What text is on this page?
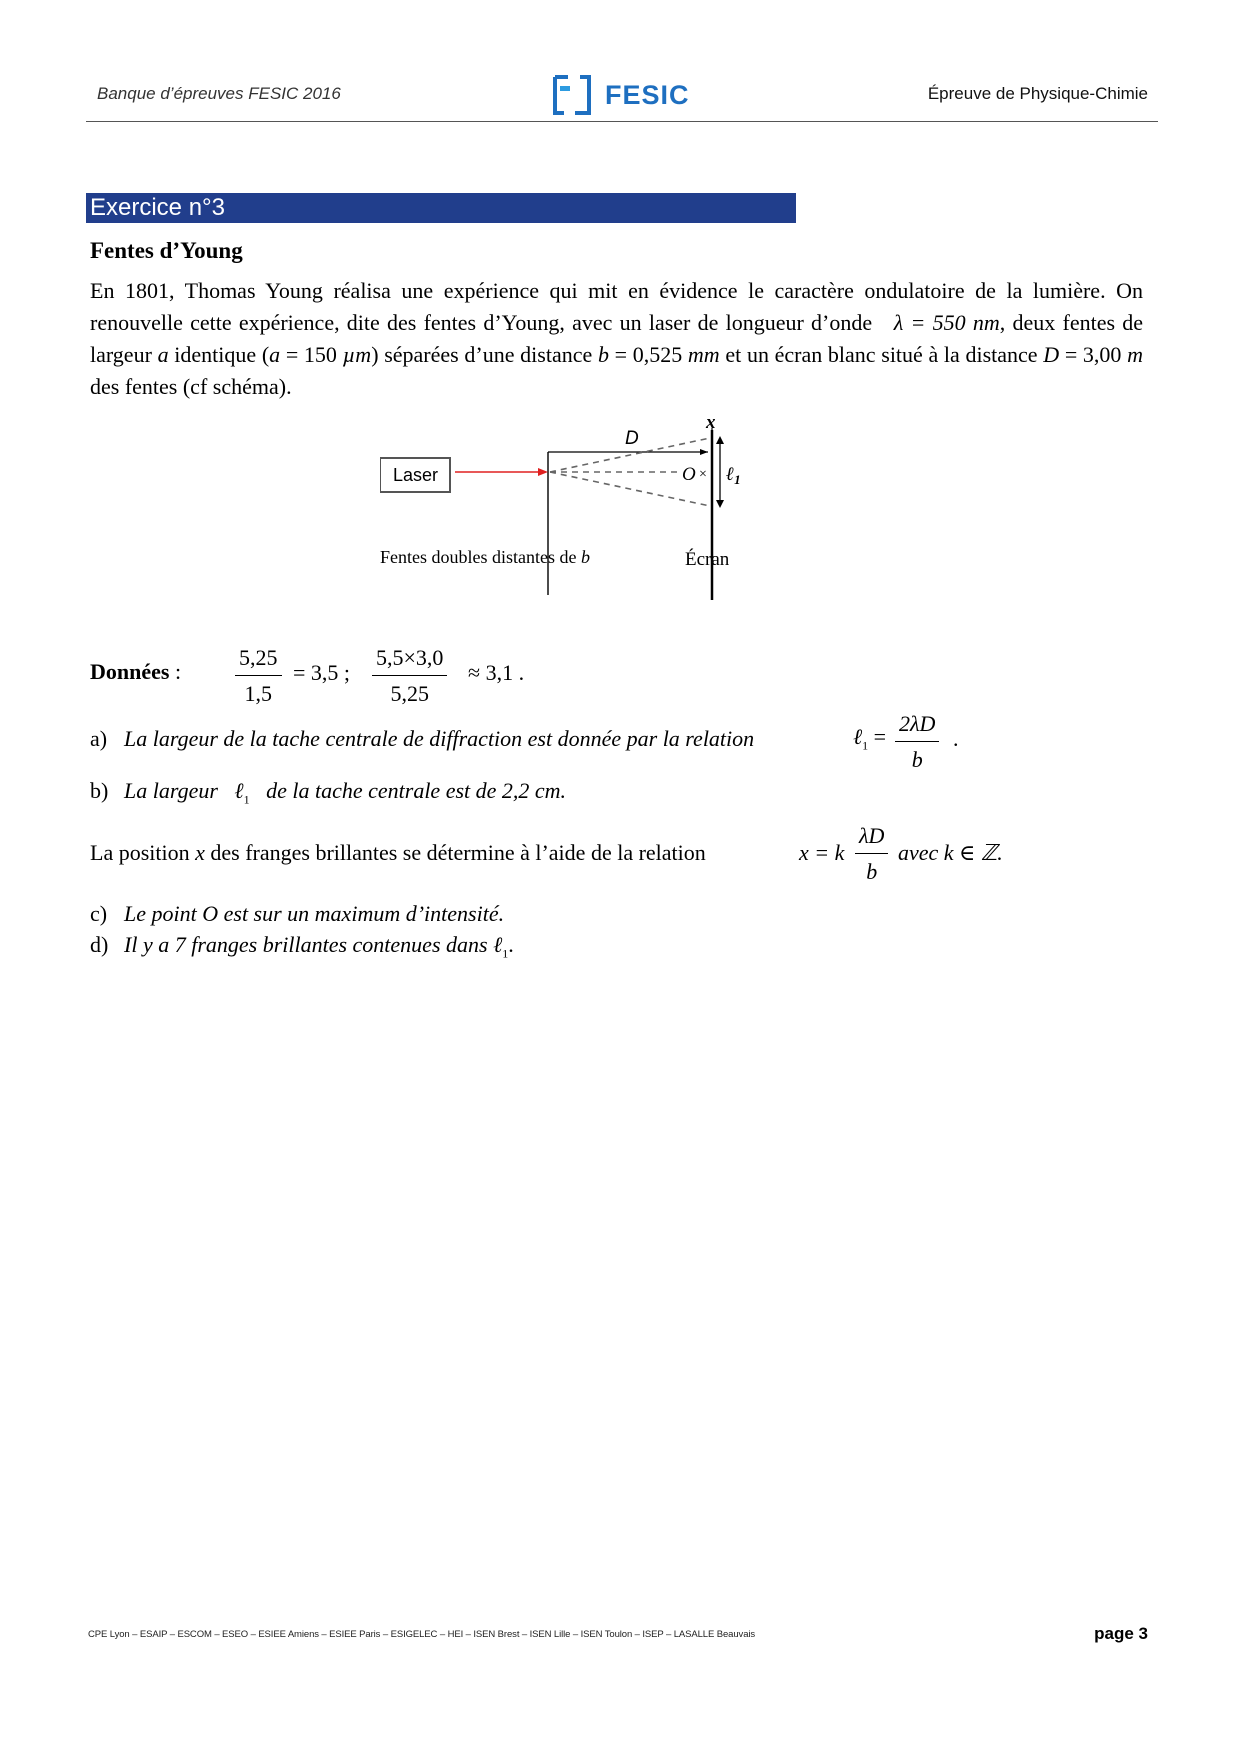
Banque d’épreuves FESIC 2016	FESIC	Épreuve de Physique-Chimie
Exercice n°3
Fentes d’Young
En 1801, Thomas Young réalisa une expérience qui mit en évidence le caractère ondulatoire de la lumière. On renouvelle cette expérience, dite des fentes d’Young, avec un laser de longueur d’onde λ = 550 nm, deux fentes de largeur a identique (a = 150 µm) séparées d’une distance b = 0,525 mm et un écran blanc situé à la distance D = 3,00 m des fentes (cf schéma).
x
D
Laser	O × ℓ$_1$
Fentes doubles distantes de b	Écran
Données : $\frac{5,25}{1,5} = 3,5$ ; $\frac{5,5\times 3,0}{5,25} \approx 3,1$ .
a) La largeur de la tache centrale de diffraction est donnée par la relation	ℓ$_1$ = $\frac{2\lambda D}{b}$ .
b) La largeur ℓ$_1$ de la tache centrale est de 2,2 cm.
La position x des franges brillantes se détermine à l’aide de la relation	x = k $\frac{\lambda D}{b}$ avec k ∈ ℤ.
c) Le point O est sur un maximum d’intensité.
d) Il y a 7 franges brillantes contenues dans ℓ$_1$.
CPE Lyon – ESAIP – ESCOM – ESEO – ESIEE Amiens – ESIEE Paris – ESIGELEC – HEI – ISEN Brest – ISEN Lille – ISEN Toulon – ISEP – LASALLE Beauvais	page 3
